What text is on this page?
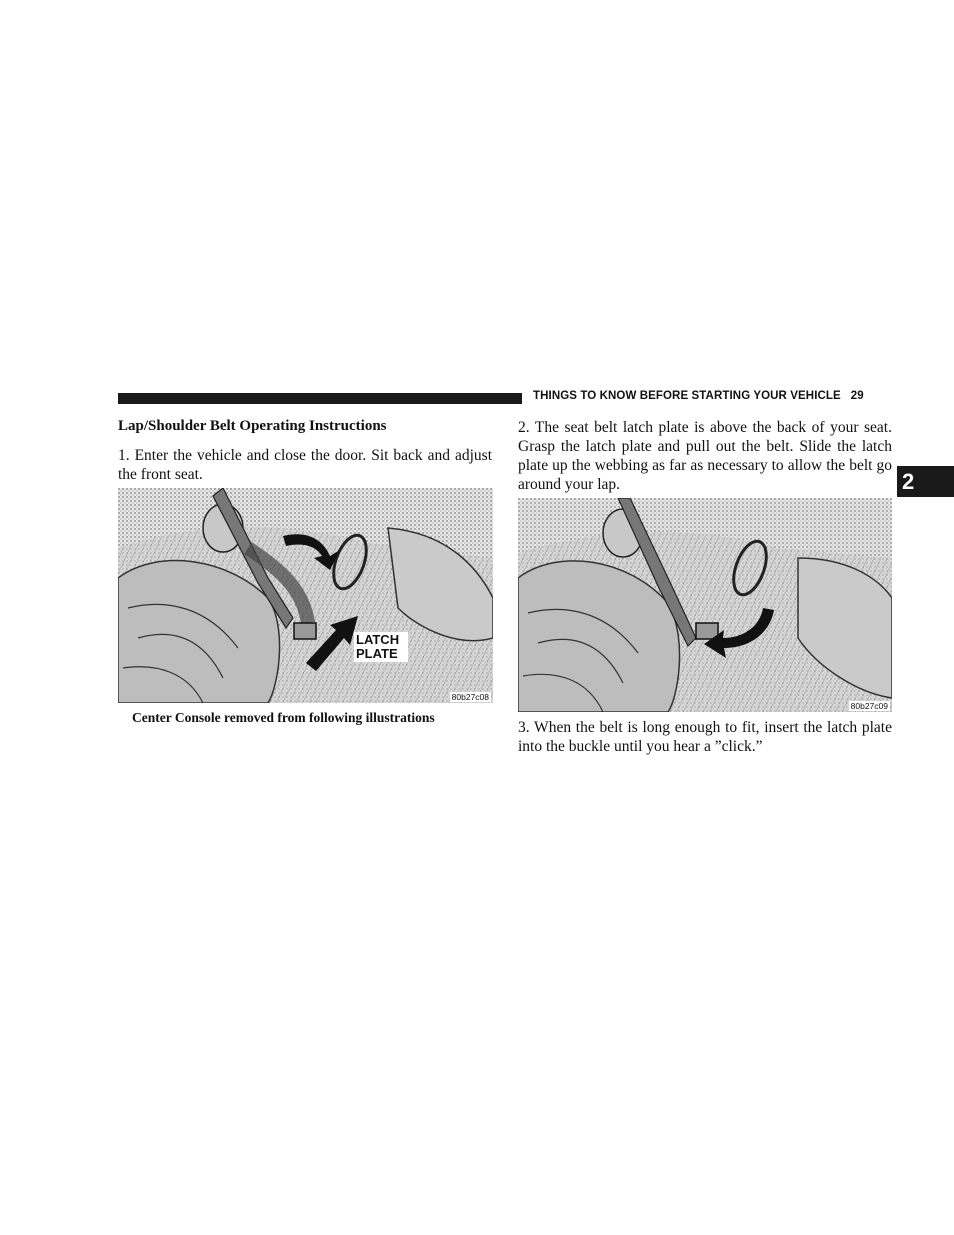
THINGS TO KNOW BEFORE STARTING YOUR VEHICLE 29
2
Lap/Shoulder Belt Operating Instructions
1. Enter the vehicle and close the door. Sit back and adjust the front seat.
LATCH PLATE
80b27c08
Center Console removed from following illustrations
2. The seat belt latch plate is above the back of your seat. Grasp the latch plate and pull out the belt. Slide the latch plate up the webbing as far as necessary to allow the belt go around your lap.
80b27c09
3. When the belt is long enough to fit, insert the latch plate into the buckle until you hear a ”click.”
